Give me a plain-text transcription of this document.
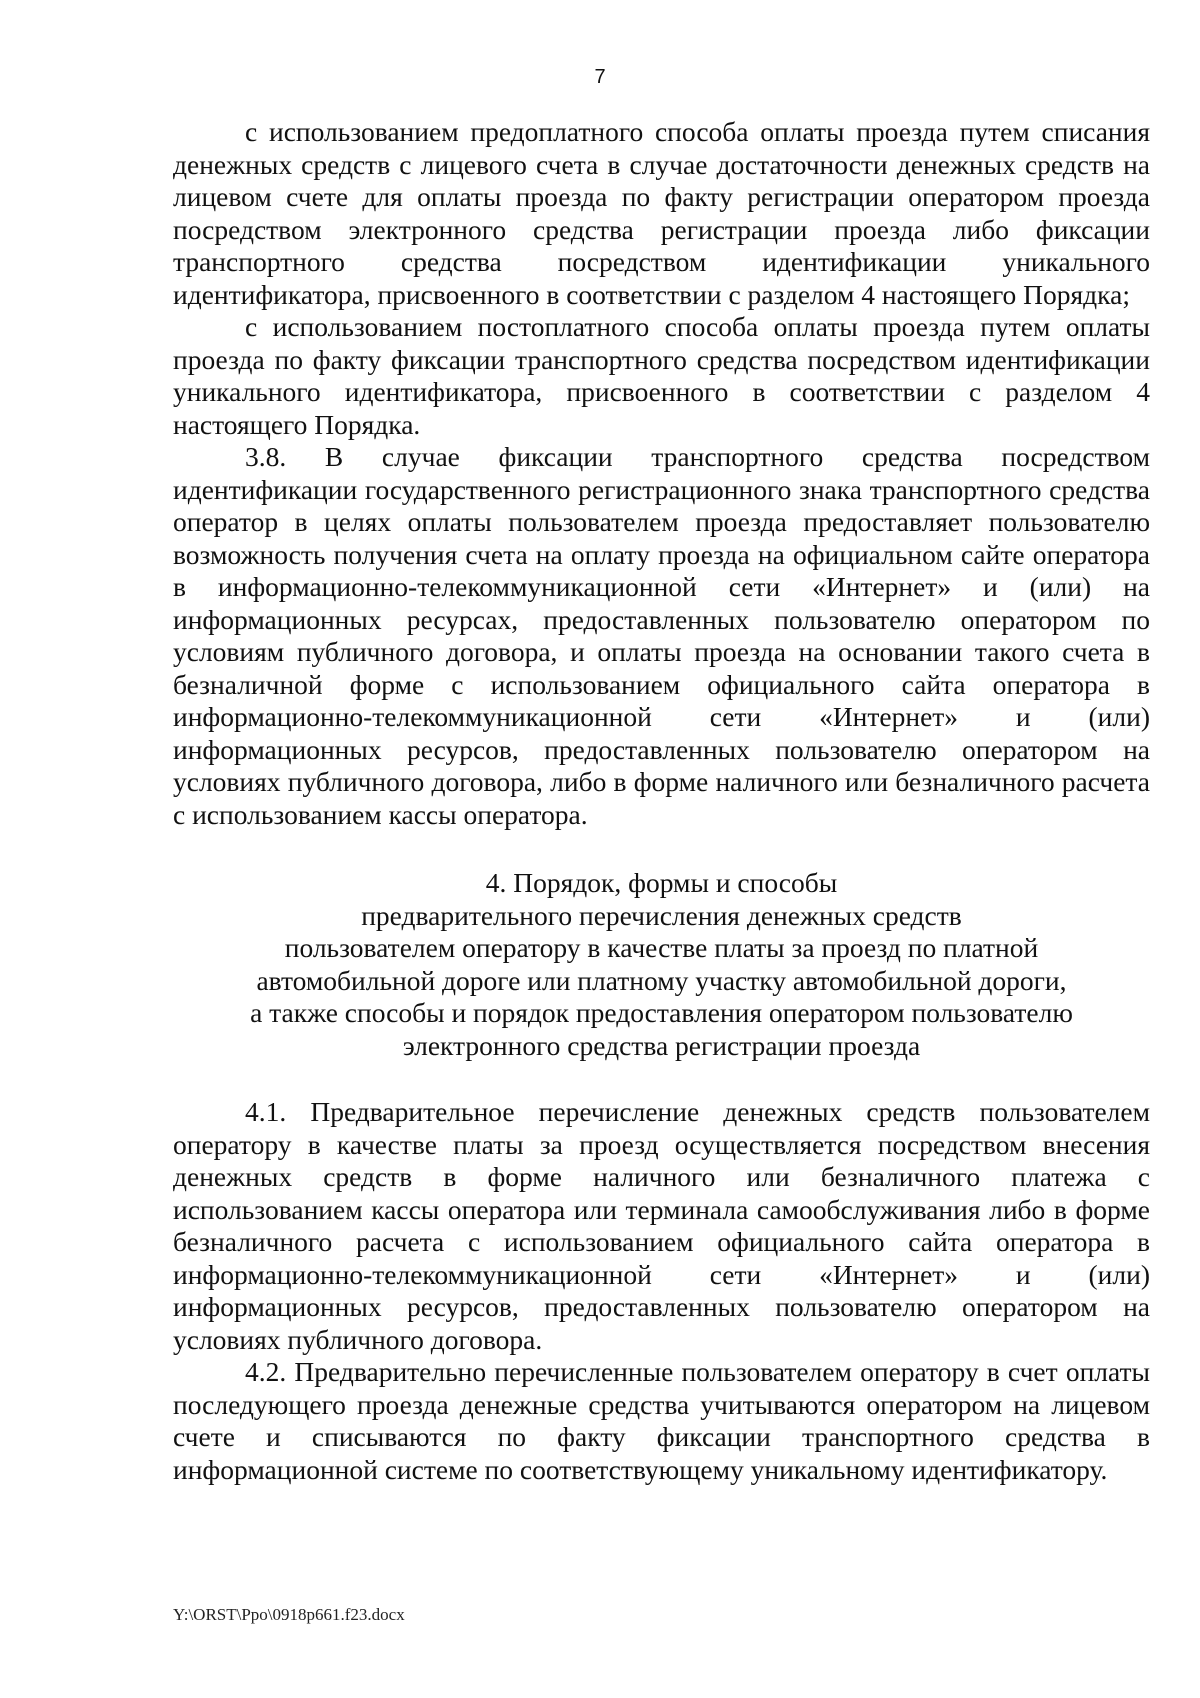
7

с использованием предоплатного способа оплаты проезда путем списания денежных средств с лицевого счета в случае достаточности денежных средств на лицевом счете для оплаты проезда по факту регистрации оператором проезда посредством электронного средства регистрации проезда либо фиксации транспортного средства посредством идентификации уникального идентификатора, присвоенного в соответствии с разделом 4 настоящего Порядка;

с использованием постоплатного способа оплаты проезда путем оплаты проезда по факту фиксации транспортного средства посредством идентификации уникального идентификатора, присвоенного в соответствии с разделом 4 настоящего Порядка.

3.8. В случае фиксации транспортного средства посредством идентификации государственного регистрационного знака транспортного средства оператор в целях оплаты пользователем проезда предоставляет пользователю возможность получения счета на оплату проезда на официальном сайте оператора в информационно-телекоммуникационной сети «Интернет» и (или) на информационных ресурсах, предоставленных пользователю оператором по условиям публичного договора, и оплаты проезда на основании такого счета в безналичной форме с использованием официального сайта оператора в информационно-телекоммуникационной сети «Интернет» и (или) информационных ресурсов, предоставленных пользователю оператором на условиях публичного договора, либо в форме наличного или безналичного расчета с использованием кассы оператора.

4. Порядок, формы и способы
предварительного перечисления денежных средств
пользователем оператору в качестве платы за проезд по платной
автомобильной дороге или платному участку автомобильной дороги,
а также способы и порядок предоставления оператором пользователю
электронного средства регистрации проезда

4.1. Предварительное перечисление денежных средств пользователем оператору в качестве платы за проезд осуществляется посредством внесения денежных средств в форме наличного или безналичного платежа с использованием кассы оператора или терминала самообслуживания либо в форме безналичного расчета с использованием официального сайта оператора в информационно-телекоммуникационной сети «Интернет» и (или) информационных ресурсов, предоставленных пользователю оператором на условиях публичного договора.

4.2. Предварительно перечисленные пользователем оператору в счет оплаты последующего проезда денежные средства учитываются оператором на лицевом счете и списываются по факту фиксации транспортного средства в информационной системе по соответствующему уникальному идентификатору.

Y:\ORST\Ppo\0918p661.f23.docx
